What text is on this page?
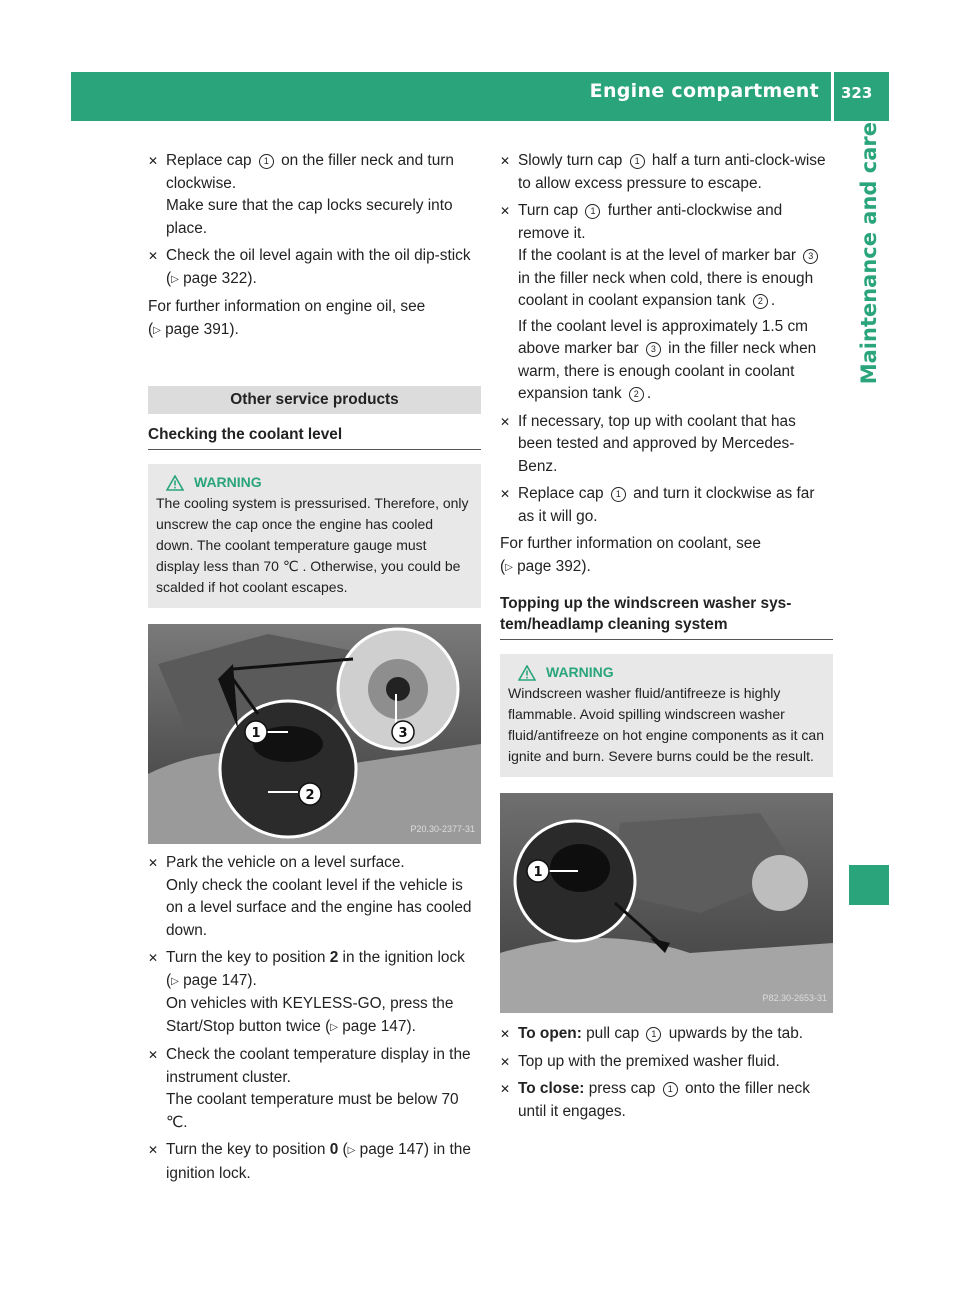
Engine compartment 323
Maintenance and care
✕ Replace cap 1 on the filler neck and turn clockwise.
Make sure that the cap locks securely into place.
✕ Check the oil level again with the oil dip-stick (▷ page 322).
For further information on engine oil, see
(▷ page 391).
Other service products
Checking the coolant level
WARNING
The cooling system is pressurised. Therefore, only unscrew the cap once the engine has cooled down. The coolant temperature gauge must display less than 70 ℃ . Otherwise, you could be scalded if hot coolant escapes.
1
2
3
P20.30-2377-31
✕ Park the vehicle on a level surface.
Only check the coolant level if the vehicle is on a level surface and the engine has cooled down.
✕ Turn the key to position 2 in the ignition lock (▷ page 147).
On vehicles with KEYLESS-GO, press the Start/Stop button twice (▷ page 147).
✕ Check the coolant temperature display in the instrument cluster.
The coolant temperature must be below 70 ℃.
✕ Turn the key to position 0 (▷ page 147) in the ignition lock.
✕ Slowly turn cap 1 half a turn anti-clock-wise to allow excess pressure to escape.
✕ Turn cap 1 further anti-clockwise and remove it.
If the coolant is at the level of marker bar 3 in the filler neck when cold, there is enough coolant in coolant expansion tank 2 .
If the coolant level is approximately 1.5 cm above marker bar 3 in the filler neck when warm, there is enough coolant in coolant expansion tank 2 .
✕ If necessary, top up with coolant that has been tested and approved by Mercedes-Benz.
✕ Replace cap 1 and turn it clockwise as far as it will go.
For further information on coolant, see
(▷ page 392).
Topping up the windscreen washer sys-tem/headlamp cleaning system
WARNING
Windscreen washer fluid/antifreeze is highly flammable. Avoid spilling windscreen washer fluid/antifreeze on hot engine components as it can ignite and burn. Severe burns could be the result.
1
P82.30-2653-31
✕ To open: pull cap 1 upwards by the tab.
✕ Top up with the premixed washer fluid.
✕ To close: press cap 1 onto the filler neck until it engages.
